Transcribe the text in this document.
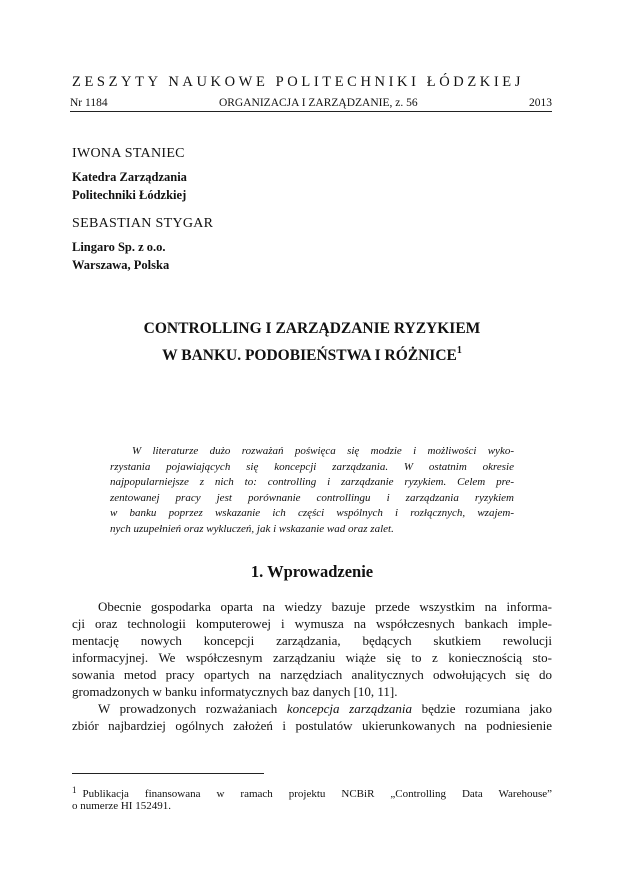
ZESZYTY NAUKOWE POLITECHNIKI ŁÓDZKIEJ
Nr 1184	ORGANIZACJA I ZARZĄDZANIE, z. 56	2013
IWONA STANIEC
Katedra Zarządzania
Politechniki Łódzkiej
SEBASTIAN STYGAR
Lingaro Sp. z o.o.
Warszawa, Polska
CONTROLLING I ZARZĄDZANIE RYZYKIEM
W BANKU. PODOBIEŃSTWA I RÓŻNICE$^1$
W literaturze dużo rozważań poświęca się modzie i możliwości wyko-
rzystania pojawiających się koncepcji zarządzania. W ostatnim okresie
najpopularniejsze z nich to: controlling i zarządzanie ryzykiem. Celem pre-
zentowanej pracy jest porównanie controllingu i zarządzania ryzykiem
w banku poprzez wskazanie ich części wspólnych i rozłącznych, wzajem-
nych uzupełnień oraz wykluczeń, jak i wskazanie wad oraz zalet.
1. Wprowadzenie
Obecnie gospodarka oparta na wiedzy bazuje przede wszystkim na informa-
cji oraz technologii komputerowej i wymusza na współczesnych bankach imple-
mentację nowych koncepcji zarządzania, będących skutkiem rewolucji
informacyjnej. We współczesnym zarządzaniu wiąże się to z koniecznością sto-
sowania metod pracy opartych na narzędziach analitycznych odwołujących się do
gromadzonych w banku informatycznych baz danych [10, 11].
W prowadzonych rozważaniach koncepcja zarządzania będzie rozumiana jako
zbiór najbardziej ogólnych założeń i postulatów ukierunkowanych na podniesienie
$^1$ Publikacja finansowana w ramach projektu NCBiR „Controlling Data Warehouse”
o numerze HI 152491.
